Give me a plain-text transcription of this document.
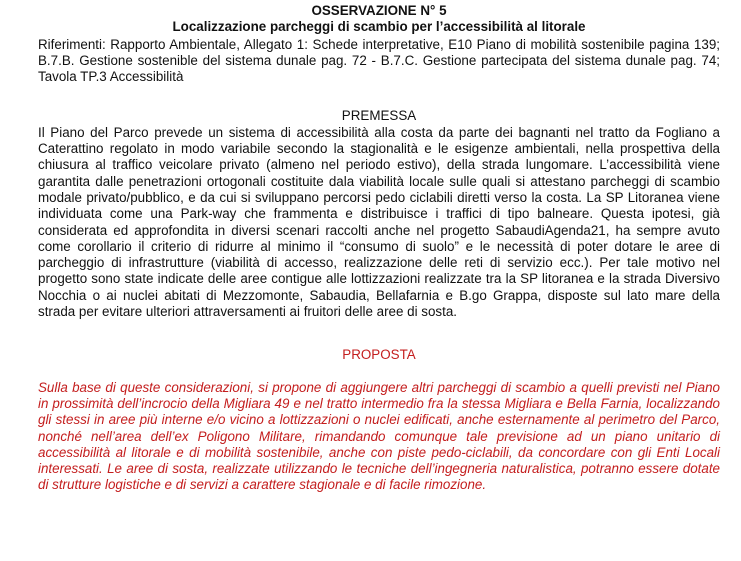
OSSERVAZIONE N° 5
Localizzazione parcheggi di scambio per l’accessibilità al litorale

Riferimenti: Rapporto Ambientale, Allegato 1: Schede interpretative, E10 Piano di mobilità sostenibile pagina 139; B.7.B. Gestione sostenible del sistema dunale pag. 72 - B.7.C. Gestione partecipata del sistema dunale pag. 74; Tavola TP.3 Accessibilità

PREMESSA

Il Piano del Parco prevede un sistema di accessibilità alla costa da parte dei bagnanti nel tratto da Fogliano a Caterattino regolato in modo variabile secondo la stagionalità e le esigenze ambientali, nella prospettiva della chiusura al traffico veicolare privato (almeno nel periodo estivo), della strada lungomare. L’accessibilità viene garantita dalle penetrazioni ortogonali costituite dala viabilità locale sulle quali si attestano parcheggi di scambio modale privato/pubblico, e da cui si sviluppano percorsi pedo ciclabili diretti verso la costa. La SP Litoranea viene individuata come una Park-way che frammenta e distribuisce i traffici di tipo balneare. Questa ipotesi, già considerata ed approfondita in diversi scenari raccolti anche nel progetto SabaudiAgenda21, ha sempre avuto come corollario il criterio di ridurre al minimo il “consumo di suolo” e le necessità di poter dotare le aree di parcheggio di infrastrutture (viabilità di accesso, realizzazione delle reti di servizio ecc.). Per tale motivo nel progetto sono state indicate delle aree contigue alle lottizzazioni realizzate tra la SP litoranea e la strada Diversivo Nocchia o ai nuclei abitati di Mezzomonte, Sabaudia, Bellafarnia e B.go Grappa, disposte sul lato mare della strada per evitare ulteriori attraversamenti ai fruitori delle aree di sosta.

PROPOSTA

Sulla base di queste considerazioni, si propone di aggiungere altri parcheggi di scambio a quelli previsti nel Piano in prossimità dell’incrocio della Migliara 49 e nel tratto intermedio fra la stessa Migliara e Bella Farnia, localizzando gli stessi in aree più interne e/o vicino a lottizzazioni o nuclei edificati, anche esternamente al perimetro del Parco, nonché nell’area dell’ex Poligono Militare, rimandando comunque tale previsione ad un piano unitario di accessibilità al litorale e di mobilità sostenibile, anche con piste pedo-ciclabili, da concordare con gli Enti Locali interessati. Le aree di sosta, realizzate utilizzando le tecniche dell’ingegneria naturalistica, potranno essere dotate di strutture logistiche e di servizi a carattere stagionale e di facile rimozione.
